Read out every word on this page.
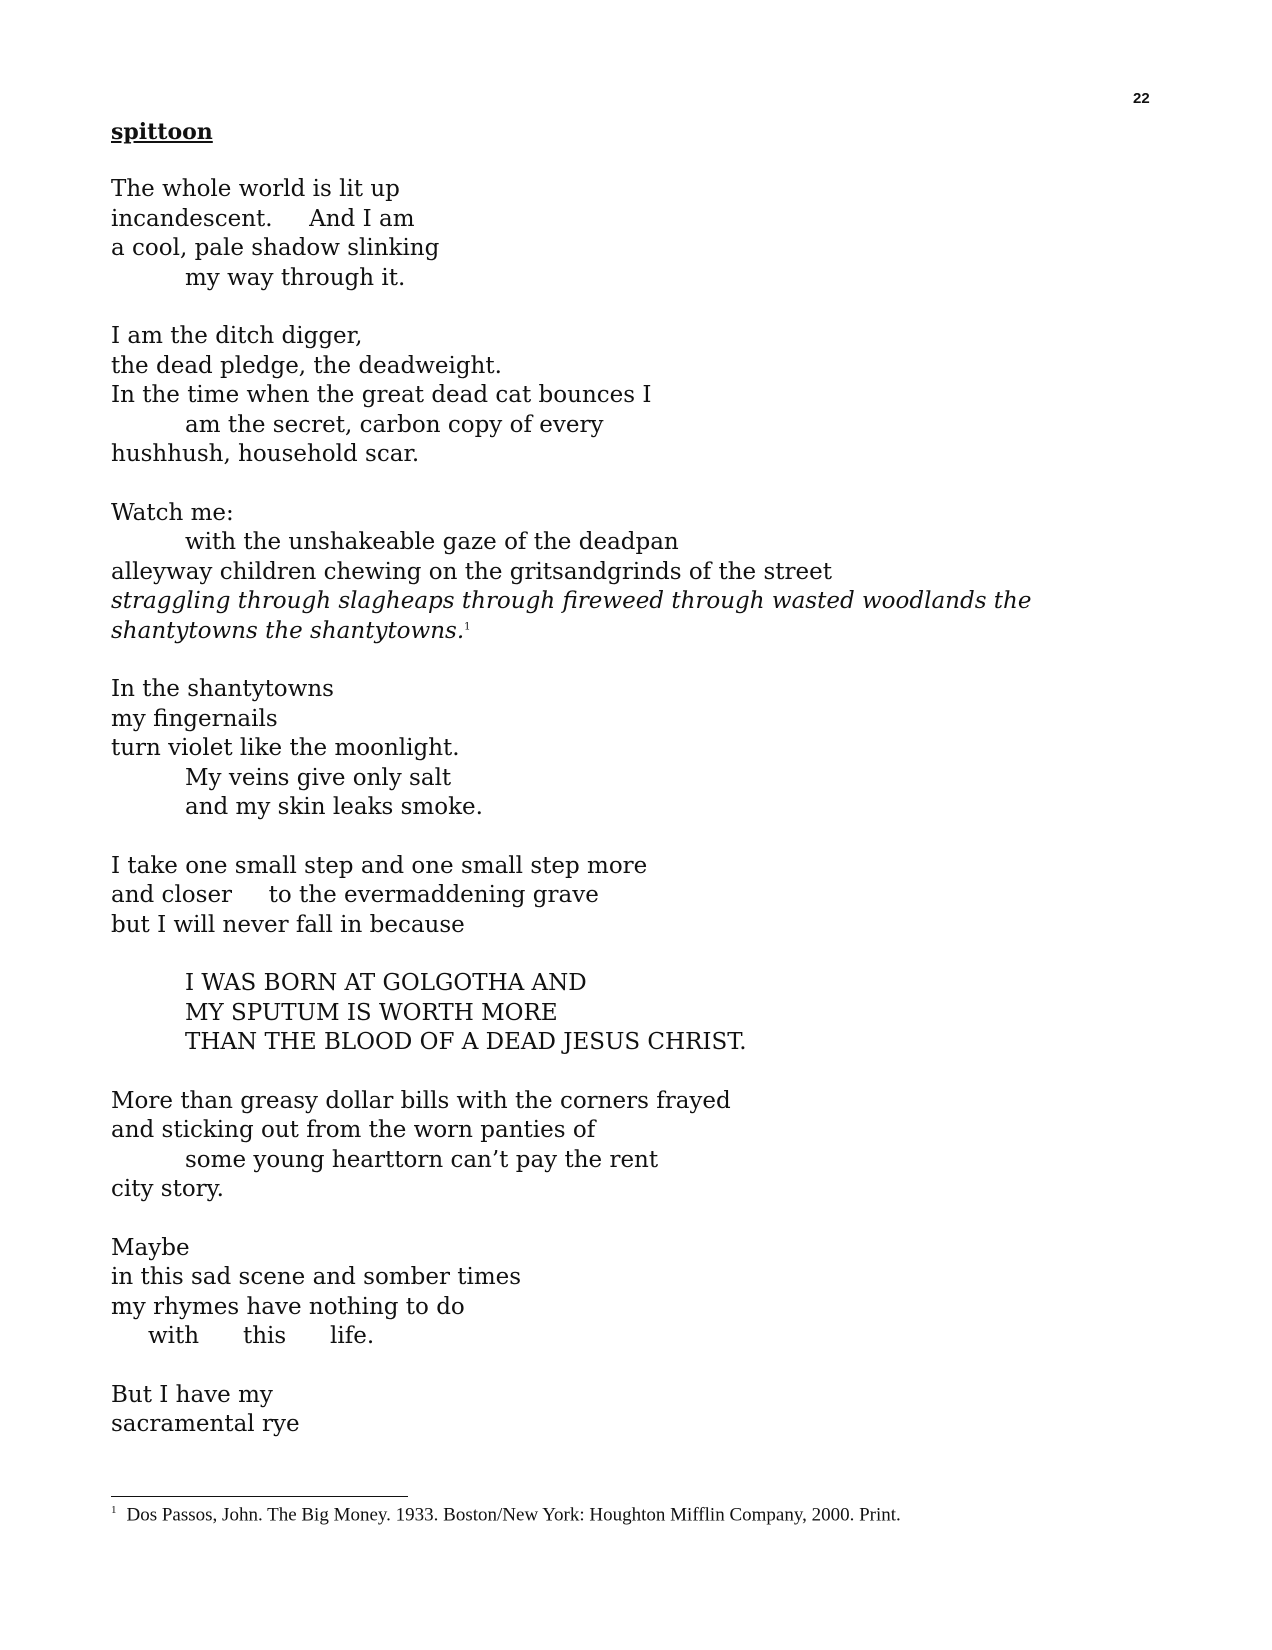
22
spittoon
The whole world is lit up
incandescent.     And I am
a cool, pale shadow slinking
my way through it.
I am the ditch digger,
the dead pledge, the deadweight.
In the time when the great dead cat bounces I
am the secret, carbon copy of every
hushhush, household scar.
Watch me:
with the unshakeable gaze of the deadpan
alleyway children chewing on the gritsandgrinds of the street
straggling through slagheaps through fireweed through wasted woodlands the shantytowns the shantytowns.$^1$
In the shantytowns
my fingernails
turn violet like the moonlight.
My veins give only salt
and my skin leaks smoke.
I take one small step and one small step more
and closer     to the evermaddening grave
but I will never fall in because
I WAS BORN AT GOLGOTHA AND
MY SPUTUM IS WORTH MORE
THAN THE BLOOD OF A DEAD JESUS CHRIST.
More than greasy dollar bills with the corners frayed
and sticking out from the worn panties of
some young hearttorn can’t pay the rent
city story.
Maybe
in this sad scene and somber times
my rhymes have nothing to do
with      this      life.
But I have my
sacramental rye
$^1$ Dos Passos, John. The Big Money. 1933. Boston/New York: Houghton Mifflin Company, 2000. Print.
